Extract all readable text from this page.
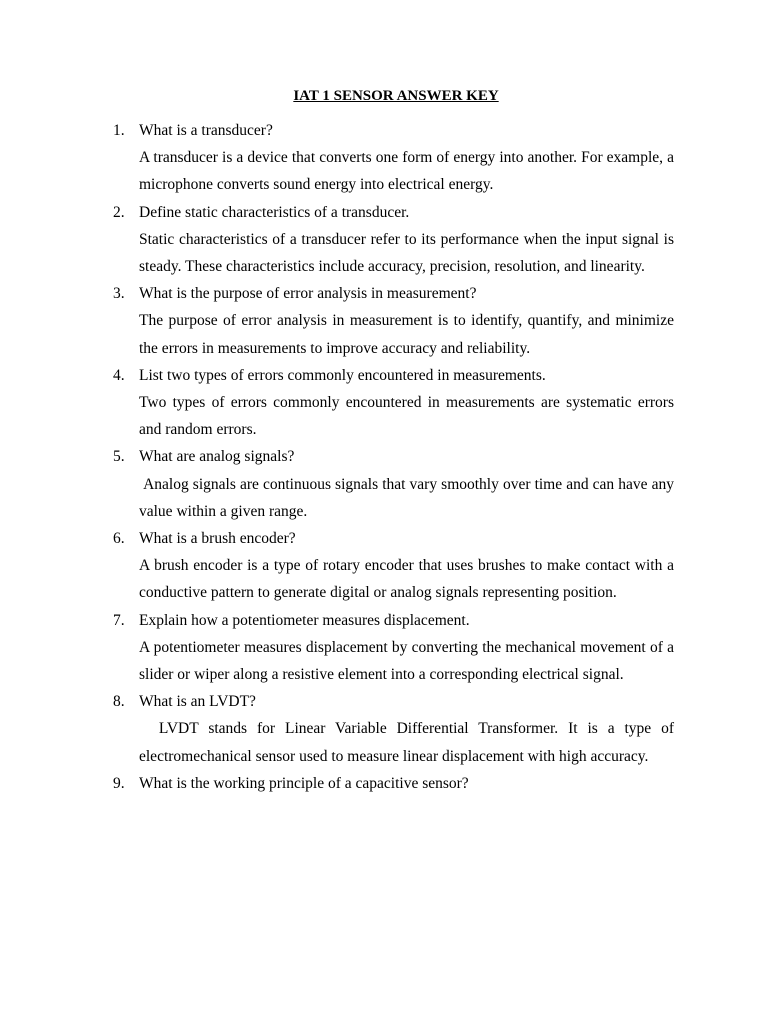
IAT 1 SENSOR ANSWER KEY
1. What is a transducer?
A transducer is a device that converts one form of energy into another. For example, a microphone converts sound energy into electrical energy.
2. Define static characteristics of a transducer.
Static characteristics of a transducer refer to its performance when the input signal is steady. These characteristics include accuracy, precision, resolution, and linearity.
3. What is the purpose of error analysis in measurement?
The purpose of error analysis in measurement is to identify, quantify, and minimize the errors in measurements to improve accuracy and reliability.
4. List two types of errors commonly encountered in measurements.
Two types of errors commonly encountered in measurements are systematic errors and random errors.
5. What are analog signals?
Analog signals are continuous signals that vary smoothly over time and can have any value within a given range.
6. What is a brush encoder?
A brush encoder is a type of rotary encoder that uses brushes to make contact with a conductive pattern to generate digital or analog signals representing position.
7. Explain how a potentiometer measures displacement.
A potentiometer measures displacement by converting the mechanical movement of a slider or wiper along a resistive element into a corresponding electrical signal.
8. What is an LVDT?
LVDT stands for Linear Variable Differential Transformer. It is a type of electromechanical sensor used to measure linear displacement with high accuracy.
9. What is the working principle of a capacitive sensor?
